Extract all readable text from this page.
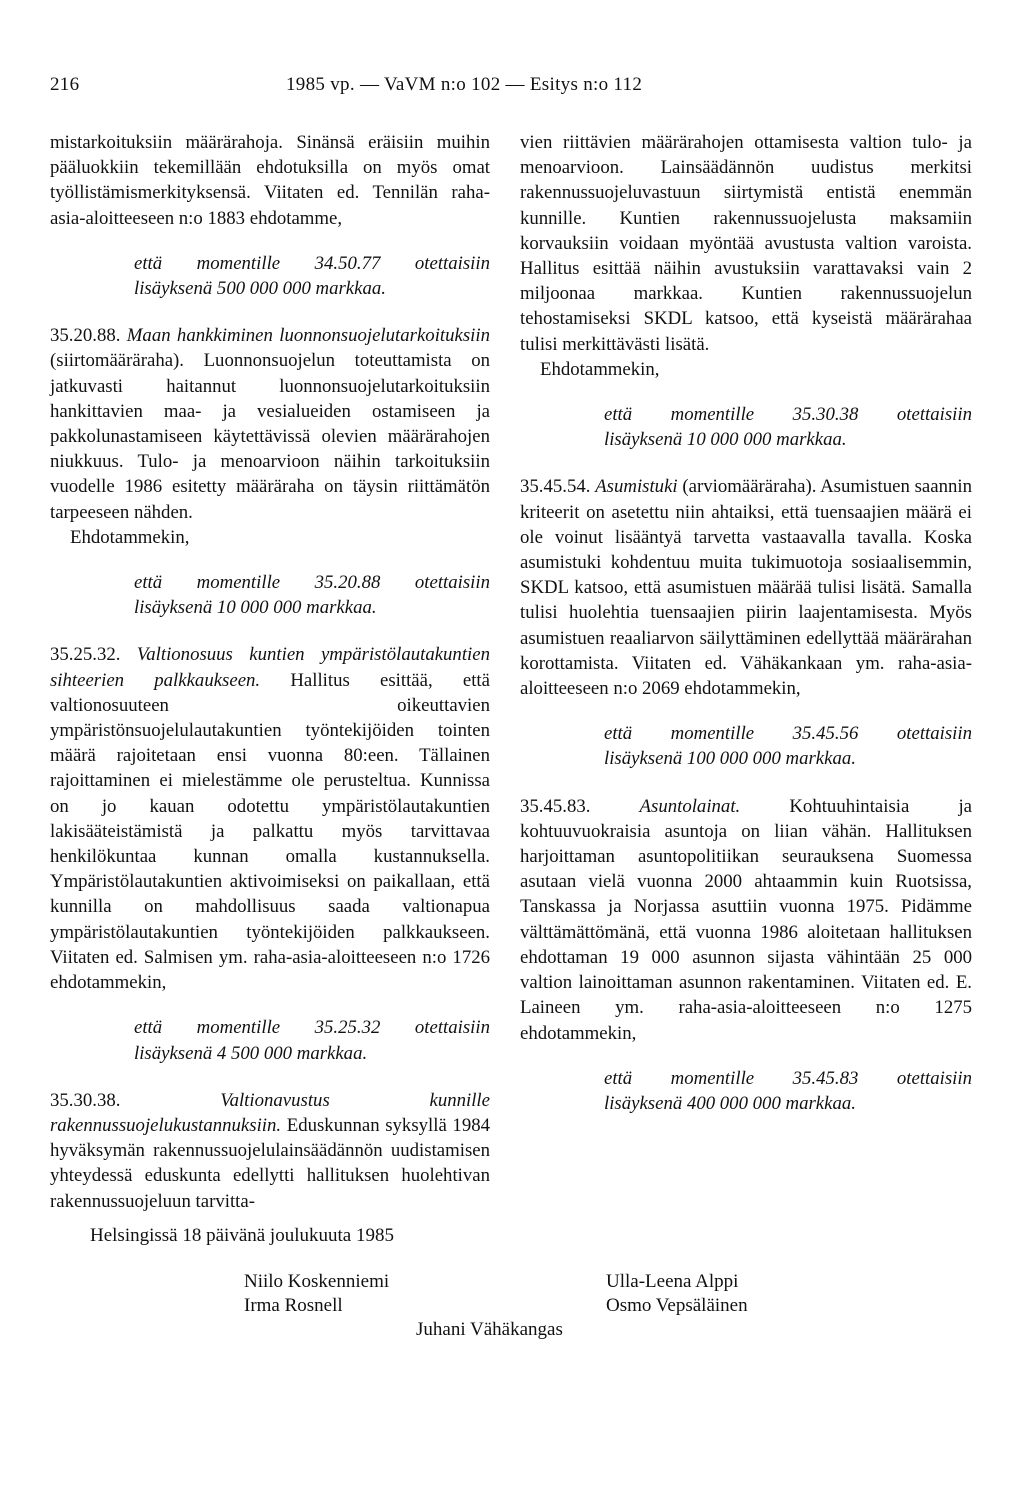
216	1985 vp. — VaVM n:o 102 — Esitys n:o 112

mistarkoituksiin määrärahoja. Sinänsä eräisiin muihin pääluokkiin tekemillään ehdotuksilla on myös omat työllistämismerkityksensä. Viitaten ed. Tennilän raha-asia-aloitteeseen n:o 1883 ehdotamme,

että momentille 34.50.77 otettaisiin
lisäyksenä 500 000 000 markkaa.

35.20.88. Maan hankkiminen luonnonsuojelutarkoituksiin (siirtomääräraha). Luonnonsuojelun toteuttamista on jatkuvasti haitannut luonnonsuojelutarkoituksiin hankittavien maa- ja vesialueiden ostamiseen ja pakkolunastamiseen käytettävissä olevien määrärahojen niukkuus. Tulo- ja menoarvioon näihin tarkoituksiin vuodelle 1986 esitetty määräraha on täysin riittämätön tarpeeseen nähden.

Ehdotammekin,

että momentille 35.20.88 otettaisiin
lisäyksenä 10 000 000 markkaa.

35.25.32. Valtionosuus kuntien ympäristölautakuntien sihteerien palkkaukseen. Hallitus esittää, että valtionosuuteen oikeuttavien ympäristönsuojelulautakuntien työntekijöiden tointen määrä rajoitetaan ensi vuonna 80:een. Tällainen rajoittaminen ei mielestämme ole perusteltua. Kunnissa on jo kauan odotettu ympäristölautakuntien lakisääteistämistä ja palkattu myös tarvittavaa henkilökuntaa kunnan omalla kustannuksella. Ympäristölautakuntien aktivoimiseksi on paikallaan, että kunnilla on mahdollisuus saada valtionapua ympäristölautakuntien työntekijöiden palkkaukseen. Viitaten ed. Salmisen ym. raha-asia-aloitteeseen n:o 1726 ehdotammekin,

että momentille 35.25.32 otettaisiin
lisäyksenä 4 500 000 markkaa.

35.30.38.	Valtionavustus kunnille rakennussuojelukustannuksiin. Eduskunnan syksyllä 1984 hyväksymän rakennussuojelulainsäädännön uudistamisen yhteydessä eduskunta edellytti hallituksen huolehtivan rakennussuojeluun tarvitta-

vien riittävien määrärahojen ottamisesta valtion tulo- ja menoarvioon. Lainsäädännön uudistus merkitsi rakennussuojeluvastuun siirtymistä entistä enemmän kunnille. Kuntien rakennussuojelusta maksamiin korvauksiin voidaan myöntää avustusta valtion varoista. Hallitus esittää näihin avustuksiin varattavaksi vain 2 miljoonaa markkaa. Kuntien rakennussuojelun tehostamiseksi SKDL katsoo, että kyseistä määrärahaa tulisi merkittävästi lisätä.

Ehdotammekin,

että momentille 35.30.38 otettaisiin
lisäyksenä 10 000 000 markkaa.

35.45.54. Asumistuki (arviomääräraha). Asumistuen saannin kriteerit on asetettu niin ahtaiksi, että tuensaajien määrä ei ole voinut lisääntyä tarvetta vastaavalla tavalla. Koska asumistuki kohdentuu muita tukimuotoja sosiaalisemmin, SKDL katsoo, että asumistuen määrää tulisi lisätä. Samalla tulisi huolehtia tuensaajien piirin laajentamisesta. Myös asumistuen reaaliarvon säilyttäminen edellyttää määrärahan korottamista. Viitaten ed. Vähäkankaan ym. raha-asia-aloitteeseen n:o 2069 ehdotammekin,

että momentille 35.45.56 otettaisiin
lisäyksenä 100 000 000 markkaa.

35.45.83.	Asuntolainat.	Kohtuuhintaisia ja kohtuuvuokraisia asuntoja on liian vähän. Hallituksen harjoittaman asuntopolitiikan seurauksena Suomessa asutaan vielä vuonna 2000 ahtaammin kuin Ruotsissa, Tanskassa ja Norjassa asuttiin vuonna 1975. Pidämme välttämättömänä, että vuonna 1986 aloitetaan hallituksen ehdottaman 19 000 asunnon sijasta vähintään 25 000 valtion lainoittaman asunnon rakentaminen. Viitaten ed. E. Laineen ym. raha-asia-aloitteeseen n:o 1275 ehdotammekin,

että momentille 35.45.83 otettaisiin
lisäyksenä 400 000 000 markkaa.
Helsingissä 18 päivänä joulukuuta 1985
Niilo Koskenniemi
Irma Rosnell
Ulla-Leena Alppi
Osmo Vepsäläinen
Juhani Vähäkangas
